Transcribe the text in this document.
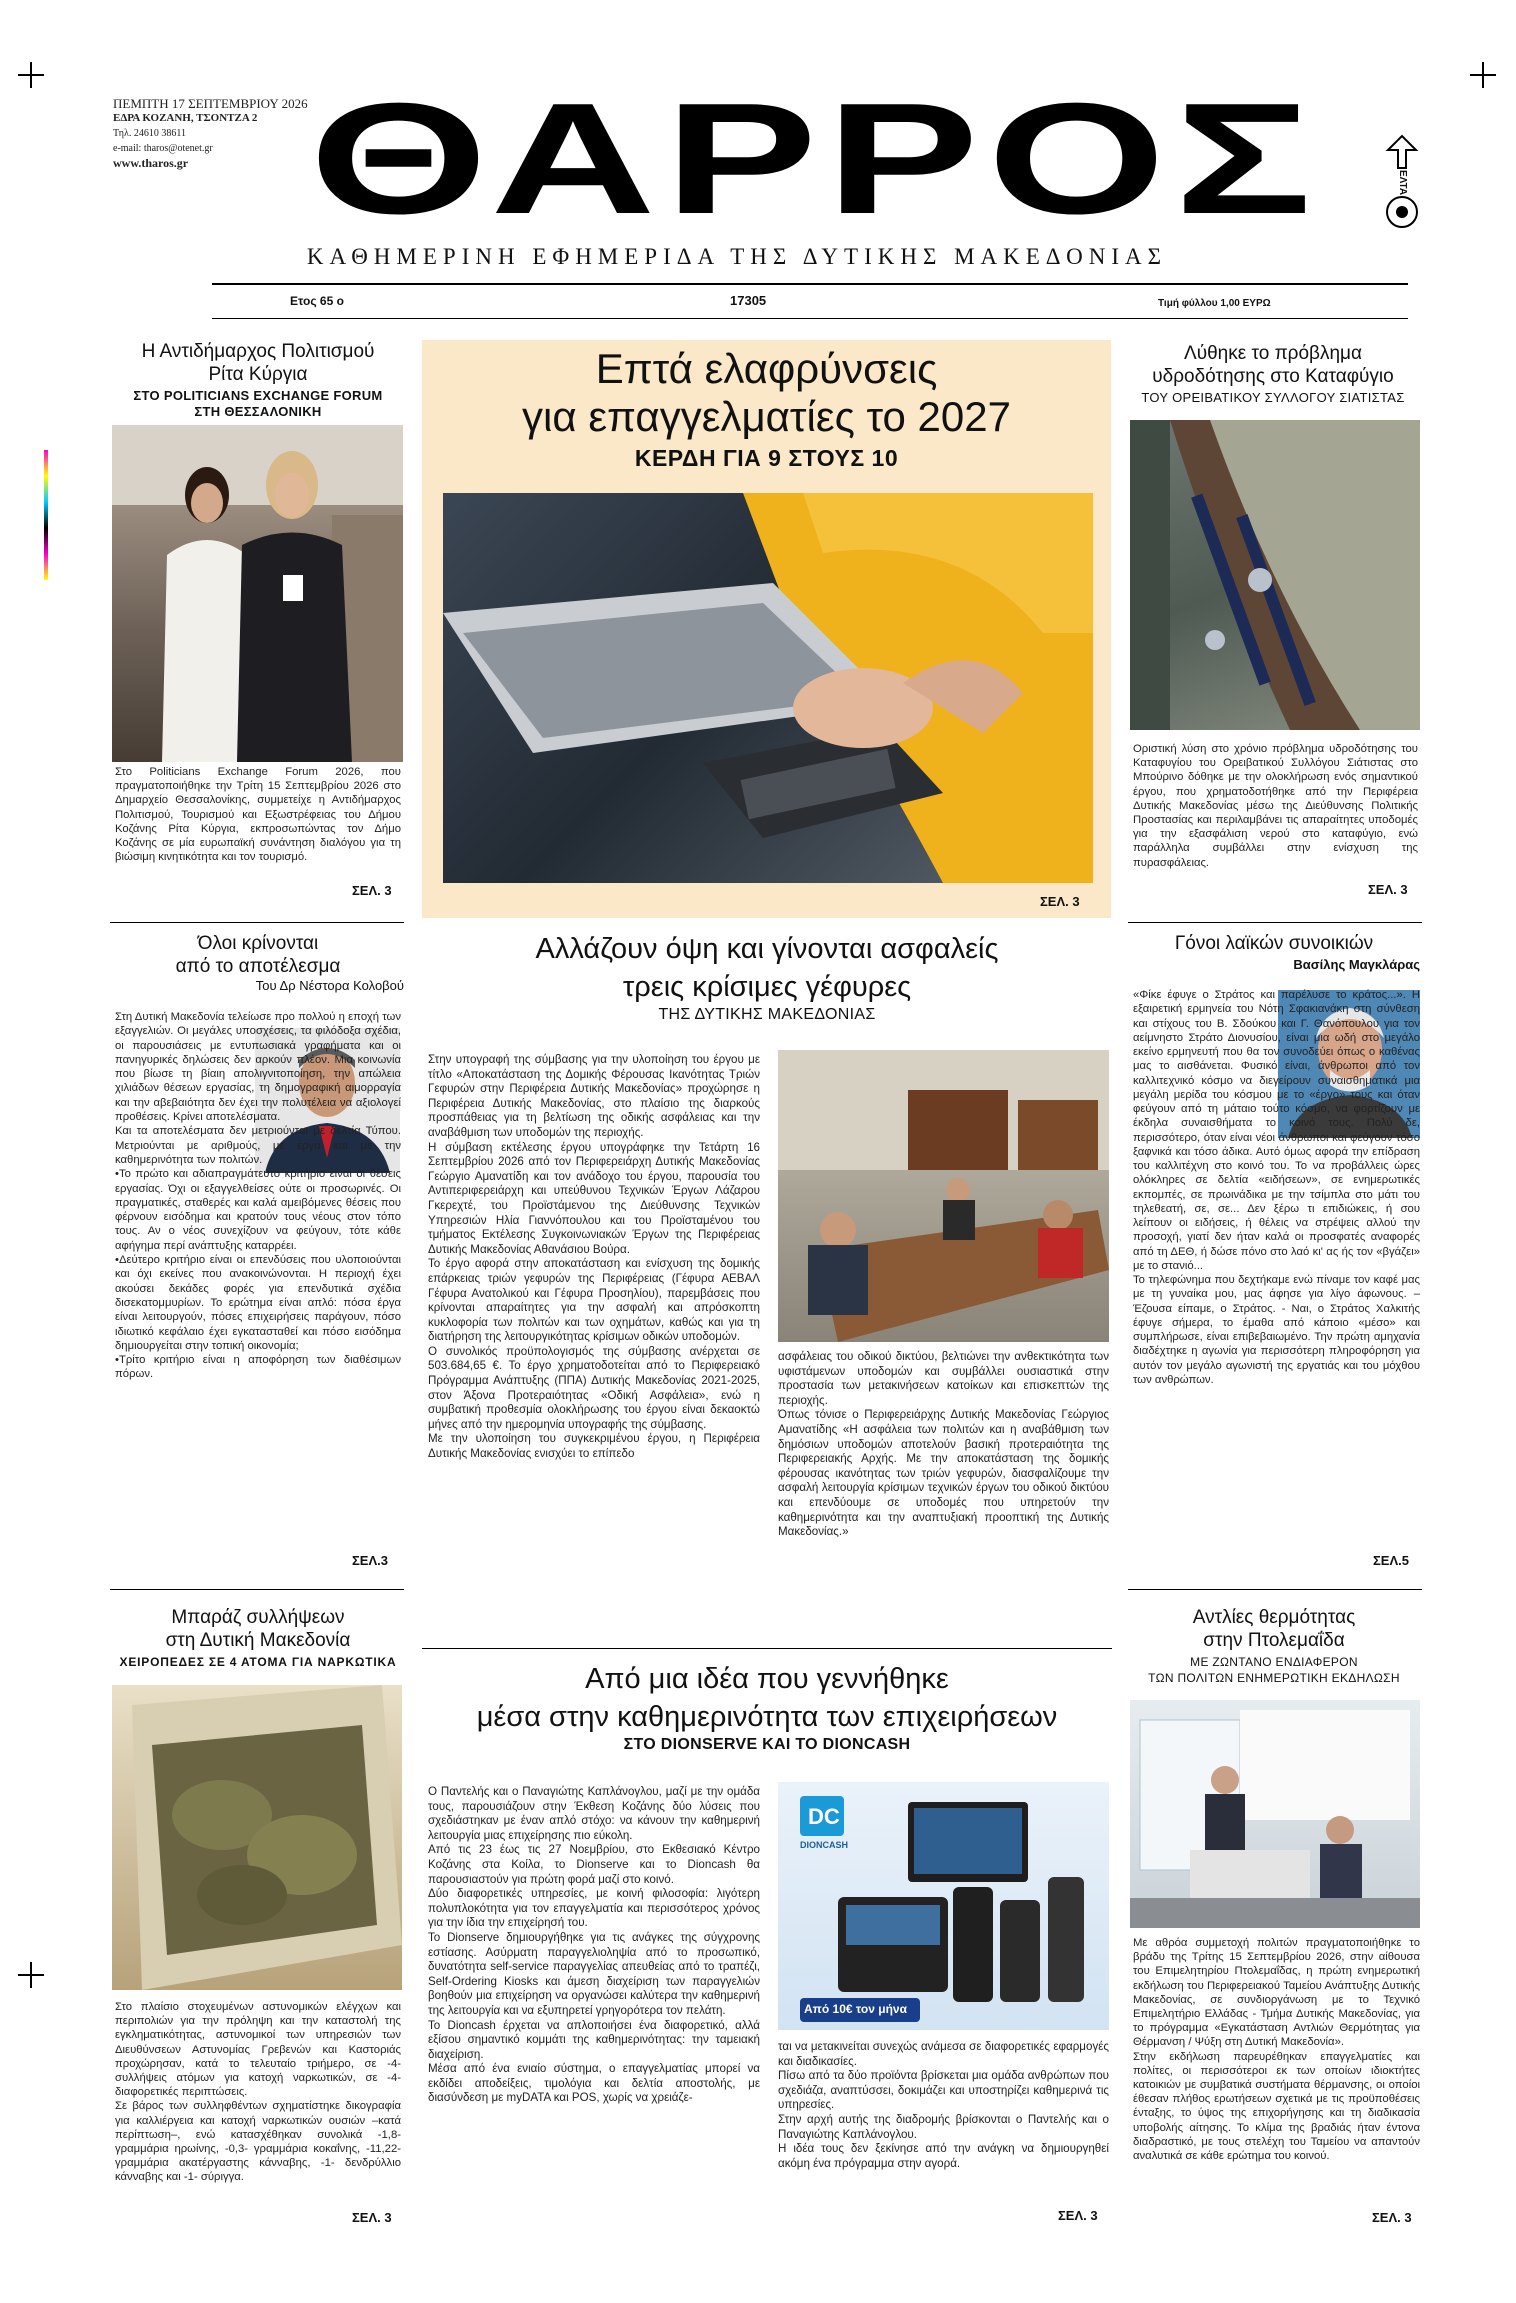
ΠΕΜΠΤΗ 17 ΣΕΠΤΕΜΒΡΙΟΥ 2026
ΕΔΡΑ ΚΟΖΑΝΗ, ΤΣΟΝΤΖΑ 2
Τηλ. 24610 38611
e-mail: tharos@otenet.gr
www.tharos.gr ΘΑΡΡΟΣ	ΕΛΤΑ
ΚΑΘΗΜΕΡΙΝΗ ΕΦΗΜΕΡΙΔΑ ΤΗΣ ΔΥΤΙΚΗΣ ΜΑΚΕΔΟΝΙΑΣ
Ετος 65 ο	17305	Τιμή φύλλου 1,00 ΕΥΡΩ
Η Αντιδήμαρχος Πολιτισμού
Ρίτα Κύργια
ΣΤΟ POLITICIANS EXCHANGE FORUM
ΣΤΗ ΘΕΣΣΑΛΟΝΙΚΗ
Στο Politicians Exchange Forum 2026, που πραγματοποιήθηκε την Τρίτη 15 Σεπτεμβρίου 2026 στο Δημαρχείο Θεσσαλονίκης, συμμετείχε η Αντιδήμαρχος Πολιτισμού, Τουρισμού και Εξωστρέφειας του Δήμου Κοζάνης Ρίτα Κύργια, εκπροσωπώντας τον Δήμο Κοζάνης σε μία ευρωπαϊκή συνάντηση διαλόγου για τη βιώσιμη κινητικότητα και τον τουρισμό.
ΣΕΛ. 3
Επτά ελαφρύνσεις
για επαγγελματίες το 2027
ΚΕΡΔΗ ΓΙΑ 9 ΣΤΟΥΣ 10
ΣΕΛ. 3
Λύθηκε το πρόβλημα
υδροδότησης στο Καταφύγιο
ΤΟΥ ΟΡΕΙΒΑΤΙΚΟΥ ΣΥΛΛΟΓΟΥ ΣΙΑΤΙΣΤΑΣ
Οριστική λύση στο χρόνιο πρόβλημα υδροδότησης του Καταφυγίου του Ορειβατικού Συλλόγου Σιάτιστας στο Μπούρινο δόθηκε με την ολοκλήρωση ενός σημαντικού έργου, που χρηματοδοτήθηκε από την Περιφέρεια Δυτικής Μακεδονίας μέσω της Διεύθυνσης Πολιτικής Προστασίας και περιλαμβάνει τις απαραίτητες υποδομές για την εξασφάλιση νερού στο καταφύγιο, ενώ παράλληλα συμβάλλει στην ενίσχυση της πυρασφάλειας.
ΣΕΛ. 3
Όλοι κρίνονται
από το αποτέλεσμα
Του Δρ Νέστορα Κολοβού
Στη Δυτική Μακεδονία τελείωσε προ πολλού η εποχή των εξαγγελιών. Οι μεγάλες υποσχέσεις, τα φιλόδοξα σχέδια, οι παρουσιάσεις με εντυπωσιακά γραφήματα και οι πανηγυρικές δηλώσεις δεν αρκούν πλέον. Μια κοινωνία που βίωσε τη βίαιη απολιγνιτοποίηση, την απώλεια χιλιάδων θέσεων εργασίας, τη δημογραφική αιμορραγία και την αβεβαιότητα δεν έχει την πολυτέλεια να αξιολογεί προθέσεις. Κρίνει αποτελέσματα.
Και τα αποτελέσματα δεν μετριούνται με δελτία Τύπου. Μετριούνται με αριθμούς, με έργα και με την καθημερινότητα των πολιτών.
•Το πρώτο και αδιαπραγμάτευτο κριτήριο είναι οι θέσεις εργασίας. Όχι οι εξαγγελθείσες ούτε οι προσωρινές. Οι πραγματικές, σταθερές και καλά αμειβόμενες θέσεις που φέρνουν εισόδημα και κρατούν τους νέους στον τόπο τους. Αν ο νέος συνεχίζουν να φεύγουν, τότε κάθε αφήγημα περί ανάπτυξης καταρρέει.
•Δεύτερο κριτήριο είναι οι επενδύσεις που υλοποιούνται και όχι εκείνες που ανακοινώνονται. Η περιοχή έχει ακούσει δεκάδες φορές για επενδυτικά σχέδια δισεκατομμυρίων. Το ερώτημα είναι απλό: πόσα έργα είναι λειτουργούν, πόσες επιχειρήσεις παράγουν, πόσο ιδιωτικό κεφάλαιο έχει εγκατασταθεί και πόσο εισόδημα δημιουργείται στην τοπική οικονομία;
•Τρίτο κριτήριο είναι η αποφόρηση των διαθέσιμων πόρων.
ΣΕΛ.3
Αλλάζουν όψη και γίνονται ασφαλείς
τρεις κρίσιμες γέφυρες
ΤΗΣ ΔΥΤΙΚΗΣ ΜΑΚΕΔΟΝΙΑΣ
Στην υπογραφή της σύμβασης για την υλοποίηση του έργου με τίτλο «Αποκατάσταση της Δομικής Φέρουσας Ικανότητας Τριών Γεφυρών στην Περιφέρεια Δυτικής Μακεδονίας» προχώρησε η Περιφέρεια Δυτικής Μακεδονίας, στο πλαίσιο της διαρκούς προσπάθειας για τη βελτίωση της οδικής ασφάλειας και την αναβάθμιση των υποδομών της περιοχής.
Η σύμβαση εκτέλεσης έργου υπογράφηκε την Τετάρτη 16 Σεπτεμβρίου 2026 από τον Περιφερειάρχη Δυτικής Μακεδονίας Γεώργιο Αμανατίδη και τον ανάδοχο του έργου, παρουσία του Αντιπεριφερειάρχη και υπεύθυνου Τεχνικών Έργων Λάζαρου Γκερεχτέ, του Προϊστάμενου της Διεύθυνσης Τεχνικών Υπηρεσιών Ηλία Γιαννόπουλου και του Προϊσταμένου του τμήματος Εκτέλεσης Συγκοινωνιακών Έργων της Περιφέρειας Δυτικής Μακεδονίας Αθανάσιου Βούρα.
Το έργο αφορά στην αποκατάσταση και ενίσχυση της δομικής επάρκειας τριών γεφυρών της Περιφέρειας (Γέφυρα ΑΕΒΑΛ Γέφυρα Ανατολικού και Γέφυρα Προσηλίου), παρεμβάσεις που κρίνονται απαραίτητες για την ασφαλή και απρόσκοπτη κυκλοφορία των πολιτών και των οχημάτων, καθώς και για τη διατήρηση της λειτουργικότητας κρίσιμων οδικών υποδομών.
Ο συνολικός προϋπολογισμός της σύμβασης ανέρχεται σε 503.684,65 €. Το έργο χρηματοδοτείται από το Περιφερειακό Πρόγραμμα Ανάπτυξης (ΠΠΑ) Δυτικής Μακεδονίας 2021-2025, στον Άξονα Προτεραιότητας «Οδική Ασφάλεια», ενώ η συμβατική προθεσμία ολοκλήρωσης του έργου είναι δεκαοκτώ μήνες από την ημερομηνία υπογραφής της σύμβασης.
Με την υλοποίηση του συγκεκριμένου έργου, η Περιφέρεια Δυτικής Μακεδονίας ενισχύει το επίπεδο
ασφάλειας του οδικού δικτύου, βελτιώνει την ανθεκτικότητα των υφιστάμενων υποδομών και συμβάλλει ουσιαστικά στην προστασία των μετακινήσεων κατοίκων και επισκεπτών της περιοχής.
Όπως τόνισε ο Περιφερειάρχης Δυτικής Μακεδονίας Γεώργιος Αμανατίδης «Η ασφάλεια των πολιτών και η αναβάθμιση των δημόσιων υποδομών αποτελούν βασική προτεραιότητα της Περιφερειακής Αρχής. Με την αποκατάσταση της δομικής φέρουσας ικανότητας των τριών γεφυρών, διασφαλίζουμε την ασφαλή λειτουργία κρίσιμων τεχνικών έργων του οδικού δικτύου και επενδύουμε σε υποδομές που υπηρετούν την καθημερινότητα και την αναπτυξιακή προοπτική της Δυτικής Μακεδονίας.»
Γόνοι λαϊκών συνοικιών
Βασίλης Μαγκλάρας
«Φίκε έφυγε ο Στράτος και παρέλυσε το κράτος...». Η εξαιρετική ερμηνεία του Νότη Σφακιανάκη στη σύνθεση και στίχους του Β. Σδούκου και Γ. Θανόπουλου για τον αείμνηστο Στράτο Διονυσίου, είναι μια ωδή στο μεγάλο εκείνο ερμηνευτή που θα τον συνοδεύει όπως ο καθένας μας το αισθάνεται. Φυσικό είναι, άνθρωποι από τον καλλιτεχνικό κόσμο να διεγείρουν συναισθηματικά μια μεγάλη μερίδα του κόσμου με το «έργο» τους και όταν φεύγουν από τη μάταιο τούτο κόσμο, να φορτίζουν με έκδηλα συναισθήματα το κοινό τους. Πολύ δε, περισσότερο, όταν είναι νέοι άνθρωποι και φεύγουν τόσο ξαφνικά και τόσο άδικα. Αυτό όμως αφορά την επίδραση του καλλιτέχνη στο κοινό του. Το να προβάλλεις ώρες ολόκληρες σε δελτία «ειδήσεων», σε ενημερωτικές εκπομπές, σε πρωινάδικα με την τσίμπλα στο μάτι του τηλεθεατή, σε, σε... Δεν ξέρω τι επιδιώκεις, ή σου λείπουν οι ειδήσεις, ή θέλεις να στρέψεις αλλού την προσοχή, γιατί δεν ήταν καλά οι προσφατές αναφορές από τη ΔΕΘ, ή δώσε πόνο στο λαό κι' ας ής τον «βγάζει» με το στανιό...
Το τηλεφώνημα που δεχτήκαμε ενώ πίναμε τον καφέ μας με τη γυναίκα μου, μας άφησε για λίγο άφωνους. – Έζουσα είπαμε, ο Στράτος. - Ναι, ο Στράτος Χαλκιτής έφυγε σήμερα, το έμαθα από κάποιο «μέσο» και συμπλήρωσε, είναι επιβεβαιωμένο. Την πρώτη αμηχανία διαδέχτηκε η αγωνία για περισσότερη πληροφόρηση για αυτόν τον μεγάλο αγωνιστή της εργατιάς και του μόχθου των ανθρώπων.
ΣΕΛ.5
Μπαράζ συλλήψεων
στη Δυτική Μακεδονία
ΧΕΙΡΟΠΕΔΕΣ ΣΕ 4 ΑΤΟΜΑ ΓΙΑ ΝΑΡΚΩΤΙΚΑ
Στο πλαίσιο στοχευμένων αστυνομικών ελέγχων και περιπολιών για την πρόληψη και την καταστολή της εγκληματικότητας, αστυνομικοί των υπηρεσιών των Διευθύνσεων Αστυνομίας Γρεβενών και Καστοριάς προχώρησαν, κατά το τελευταίο τριήμερο, σε -4- συλλήψεις ατόμων για κατοχή ναρκωτικών, σε -4- διαφορετικές περιπτώσεις.
Σε βάρος των συλληφθέντων σχηματίστηκε δικογραφία για καλλιέργεια και κατοχή ναρκωτικών ουσιών –κατά περίπτωση–, ενώ κατασχέθηκαν συνολικά -1,8- γραμμάρια ηρωίνης, -0,3- γραμμάρια κοκαΐνης, -11,22- γραμμάρια ακατέργαστης κάνναβης, -1- δενδρύλλιο κάνναβης και -1- σύριγγα.
ΣΕΛ. 3
Από μια ιδέα που γεννήθηκε
μέσα στην καθημερινότητα των επιχειρήσεων
ΣΤΟ DIONSERVE ΚΑΙ ΤΟ DIONCASH
Ο Παντελής και ο Παναγιώτης Καπλάνογλου, μαζί με την ομάδα τους, παρουσιάζουν στην Έκθεση Κοζάνης δύο λύσεις που σχεδιάστηκαν με έναν απλό στόχο: να κάνουν την καθημερινή λειτουργία μιας επιχείρησης πιο εύκολη.
Από τις 23 έως τις 27 Νοεμβρίου, στο Εκθεσιακό Κέντρο Κοζάνης στα Κοίλα, το Dionserve και το Dioncash θα παρουσιαστούν για πρώτη φορά μαζί στο κοινό.
Δύο διαφορετικές υπηρεσίες, με κοινή φιλοσοφία: λιγότερη πολυπλοκότητα για τον επαγγελματία και περισσότερος χρόνος για την ίδια την επιχείρησή του.
Το Dionserve δημιουργήθηκε για τις ανάγκες της σύγχρονης εστίασης. Ασύρματη παραγγελιοληψία από το προσωπικό, δυνατότητα self-service παραγγελίας απευθείας από το τραπέζι, Self-Ordering Kiosks και άμεση διαχείριση των παραγγελιών βοηθούν μια επιχείρηση να οργανώσει καλύτερα την καθημερινή της λειτουργία και να εξυπηρετεί γρηγορότερα τον πελάτη.
Το Dioncash έρχεται να απλοποιήσει ένα διαφορετικό, αλλά εξίσου σημαντικό κομμάτι της καθημερινότητας: την ταμειακή διαχείριση.
Μέσα από ένα ενιαίο σύστημα, ο επαγγελματίας μπορεί να εκδίδει αποδείξεις, τιμολόγια και δελτία αποστολής, με διασύνδεση με myDATA και POS, χωρίς να χρειάζε-
DC
DIONCASH
Από 10€ τον μήνα
ται να μετακινείται συνεχώς ανάμεσα σε διαφορετικές εφαρμογές και διαδικασίες.
Πίσω από τα δύο προϊόντα βρίσκεται μια ομάδα ανθρώπων που σχεδιάζα, αναπτύσσει, δοκιμάζει και υποστηρίζει καθημερινά τις υπηρεσίες.
Στην αρχή αυτής της διαδρομής βρίσκονται ο Παντελής και ο Παναγιώτης Καπλάνογλου.
Η ιδέα τους δεν ξεκίνησε από την ανάγκη να δημιουργηθεί ακόμη ένα πρόγραμμα στην αγορά.
ΣΕΛ. 3
Αντλίες θερμότητας
στην Πτολεμαΐδα
ΜΕ ΖΩΝΤΑΝΟ ΕΝΔΙΑΦΕΡΟΝ
ΤΩΝ ΠΟΛΙΤΩΝ ΕΝΗΜΕΡΩΤΙΚΗ ΕΚΔΗΛΩΣΗ
Με αθρόα συμμετοχή πολιτών πραγματοποιήθηκε το βράδυ της Τρίτης 15 Σεπτεμβρίου 2026, στην αίθουσα του Επιμελητηρίου Πτολεμαΐδας, η πρώτη ενημερωτική εκδήλωση του Περιφερειακού Ταμείου Ανάπτυξης Δυτικής Μακεδονίας, σε συνδιοργάνωση με το Τεχνικό Επιμελητήριο Ελλάδας - Τμήμα Δυτικής Μακεδονίας, για το πρόγραμμα «Εγκατάσταση Αντλιών Θερμότητας για Θέρμανση / Ψύξη στη Δυτική Μακεδονία».
Στην εκδήλωση παρευρέθηκαν επαγγελματίες και πολίτες, οι περισσότεροι εκ των οποίων ιδιοκτήτες κατοικιών με συμβατικά συστήματα θέρμανσης, οι οποίοι έθεσαν πλήθος ερωτήσεων σχετικά με τις προϋποθέσεις ένταξης, το ύψος της επιχορήγησης και τη διαδικασία υποβολής αίτησης. Το κλίμα της βραδιάς ήταν έντονα διαδραστικό, με τους στελέχη του Ταμείου να απαντούν αναλυτικά σε κάθε ερώτημα του κοινού.
ΣΕΛ. 3
